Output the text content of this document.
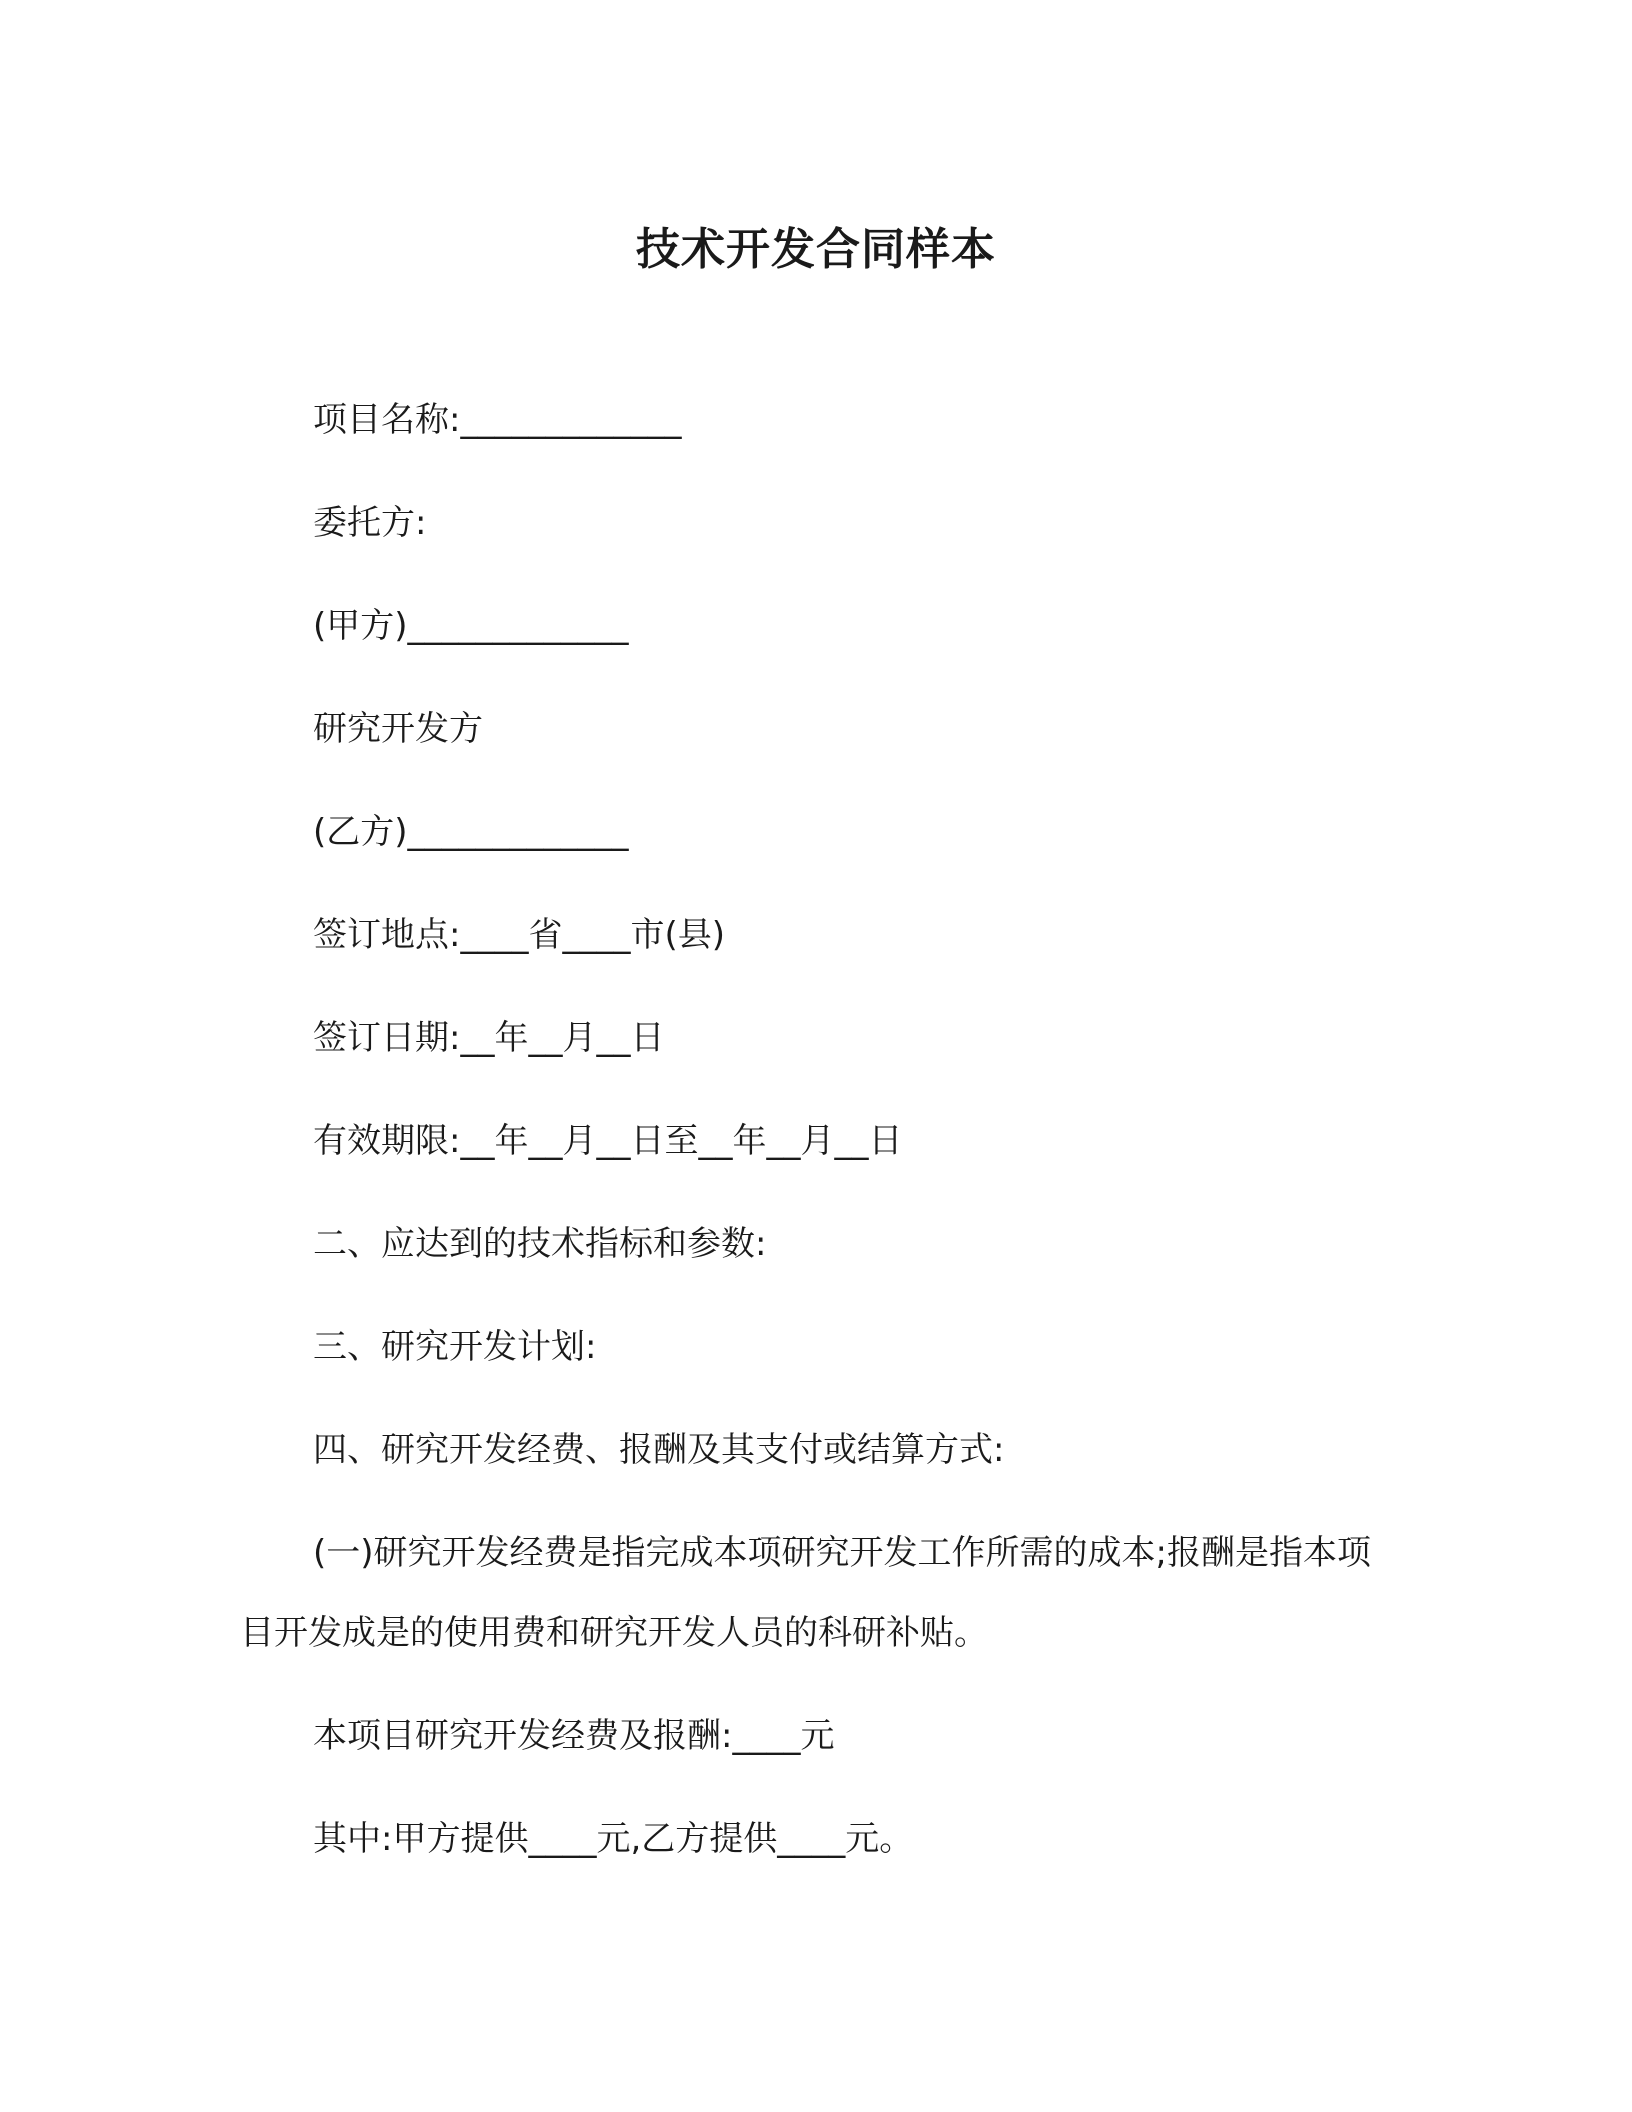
技术开发合同样本

项目名称:_____________

委托方:

(甲方)_____________

研究开发方

(乙方)_____________

签订地点:____省____市(县)

签订日期:__年__月__日

有效期限:__年__月__日至__年__月__日

二、应达到的技术指标和参数:

三、研究开发计划:

四、研究开发经费、报酬及其支付或结算方式:

(一)研究开发经费是指完成本项研究开发工作所需的成本;报酬是指本项目开发成是的使用费和研究开发人员的科研补贴。

本项目研究开发经费及报酬:____元

其中:甲方提供____元,乙方提供____元。
